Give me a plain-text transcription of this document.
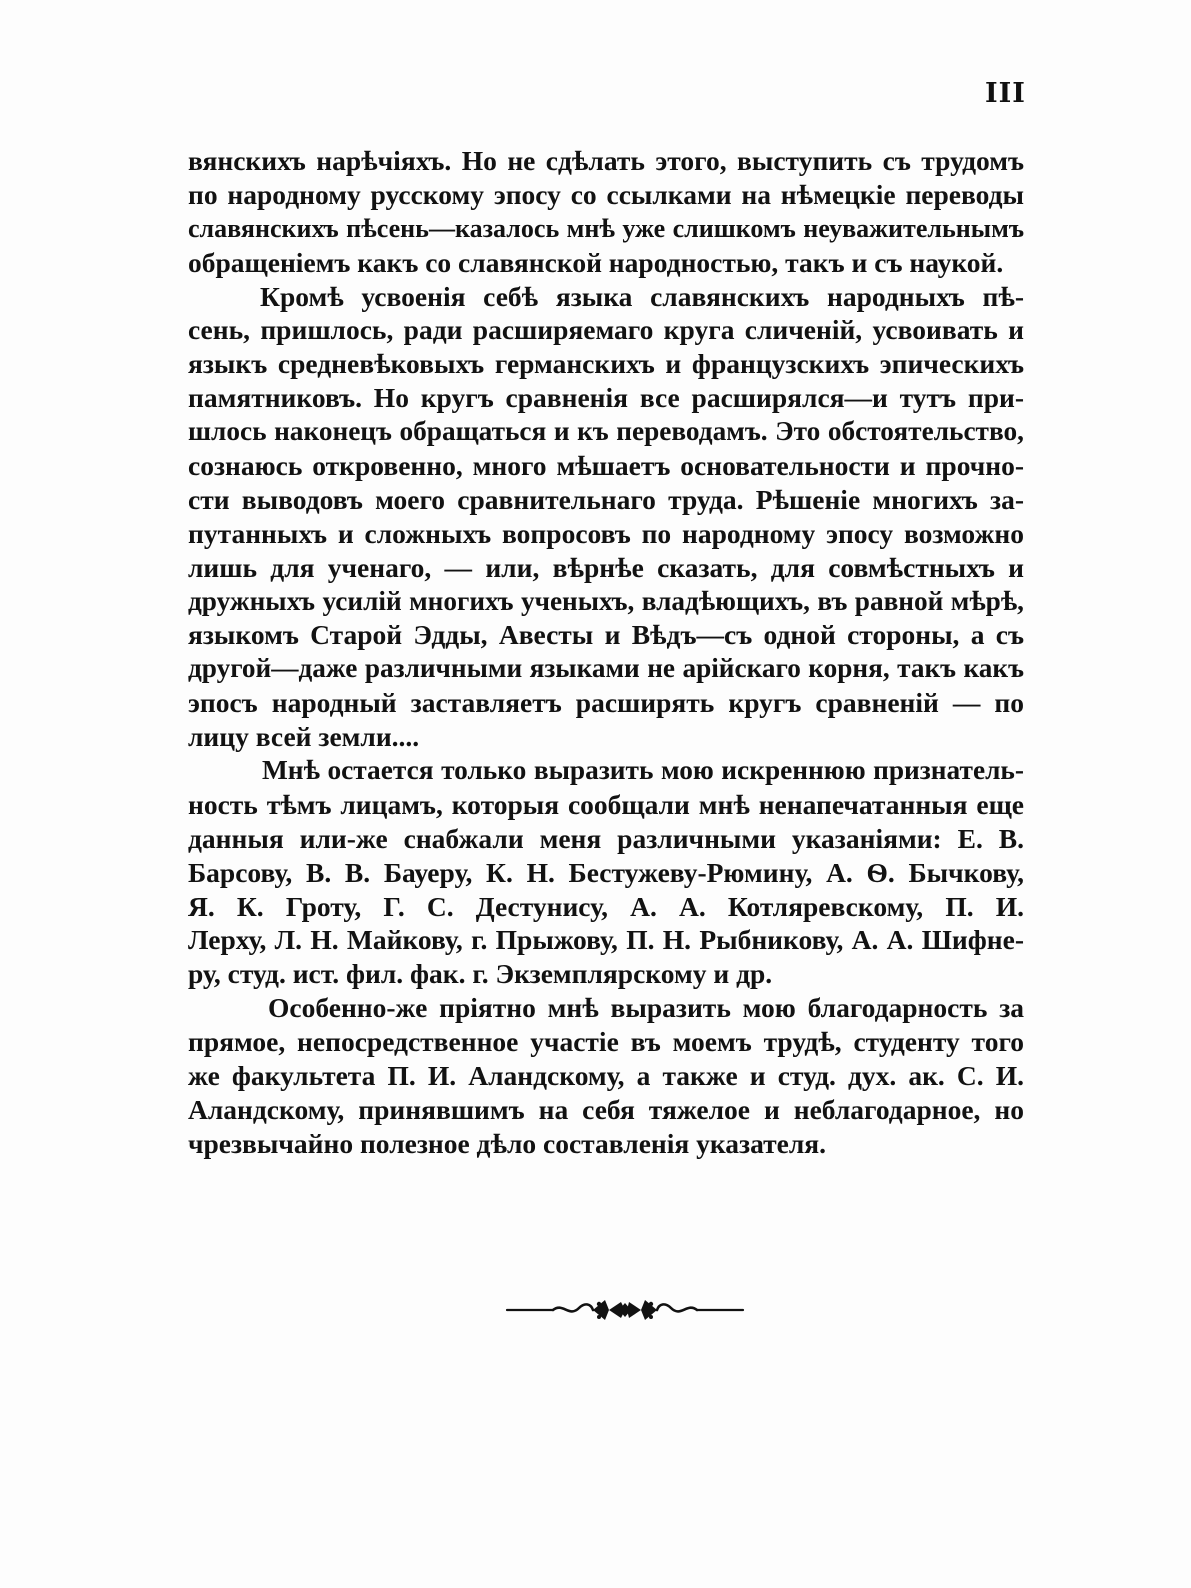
III
вянскихъ нарѣчіяхъ. Но не сдѣлать этого, выступить съ трудомъ
по народному русскому эпосу со ссылками на нѣмецкіе переводы
славянскихъ пѣсень—казалось мнѣ уже слишкомъ неуважительнымъ
обращеніемъ какъ со славянской народностью, такъ и съ наукой.
Кромѣ усвоенія себѣ языка славянскихъ народныхъ пѣ-
сень, пришлось, ради расширяемаго круга сличеній, усвоивать и
языкъ средневѣковыхъ германскихъ и французскихъ эпическихъ
памятниковъ. Но кругъ сравненія все расширялся—и тутъ при-
шлось наконецъ обращаться и къ переводамъ. Это обстоятельство,
сознаюсь откровенно, много мѣшаетъ основательности и прочно-
сти выводовъ моего сравнительнаго труда. Рѣшеніе многихъ за-
путанныхъ и сложныхъ вопросовъ по народному эпосу возможно
лишь для ученаго, — или, вѣрнѣе сказать, для совмѣстныхъ и
дружныхъ усилій многихъ ученыхъ, владѣющихъ, въ равной мѣрѣ,
языкомъ Старой Эдды, Авесты и Вѣдъ—съ одной стороны, а съ
другой—даже различными языками не арійскаго корня, такъ какъ
эпосъ народный заставляетъ расширять кругъ сравненій — по
лицу всей земли....
Мнѣ остается только выразить мою искреннюю признатель-
ность тѣмъ лицамъ, которыя сообщали мнѣ ненапечатанныя еще
данныя или-же снабжали меня различными указаніями: Е. В.
Барсову, В. В. Бауеру, К. Н. Бестужеву-Рюмину, А. Ѳ. Бычкову,
Я. К. Гроту, Г. С. Дестунису, А. А. Котляревскому, П. И.
Лерху, Л. Н. Майкову, г. Прыжову, П. Н. Рыбникову, А. А. Шифне-
ру, студ. ист. фил. фак. г. Экземплярскому и др.
Особенно-же пріятно мнѣ выразить мою благодарность за
прямое, непосредственное участіе въ моемъ трудѣ, студенту того
же факультета П. И. Аландскому, а также и студ. дух. ак. С. И.
Аландскому, принявшимъ на себя тяжелое и неблагодарное, но
чрезвычайно полезное дѣло составленія указателя.
